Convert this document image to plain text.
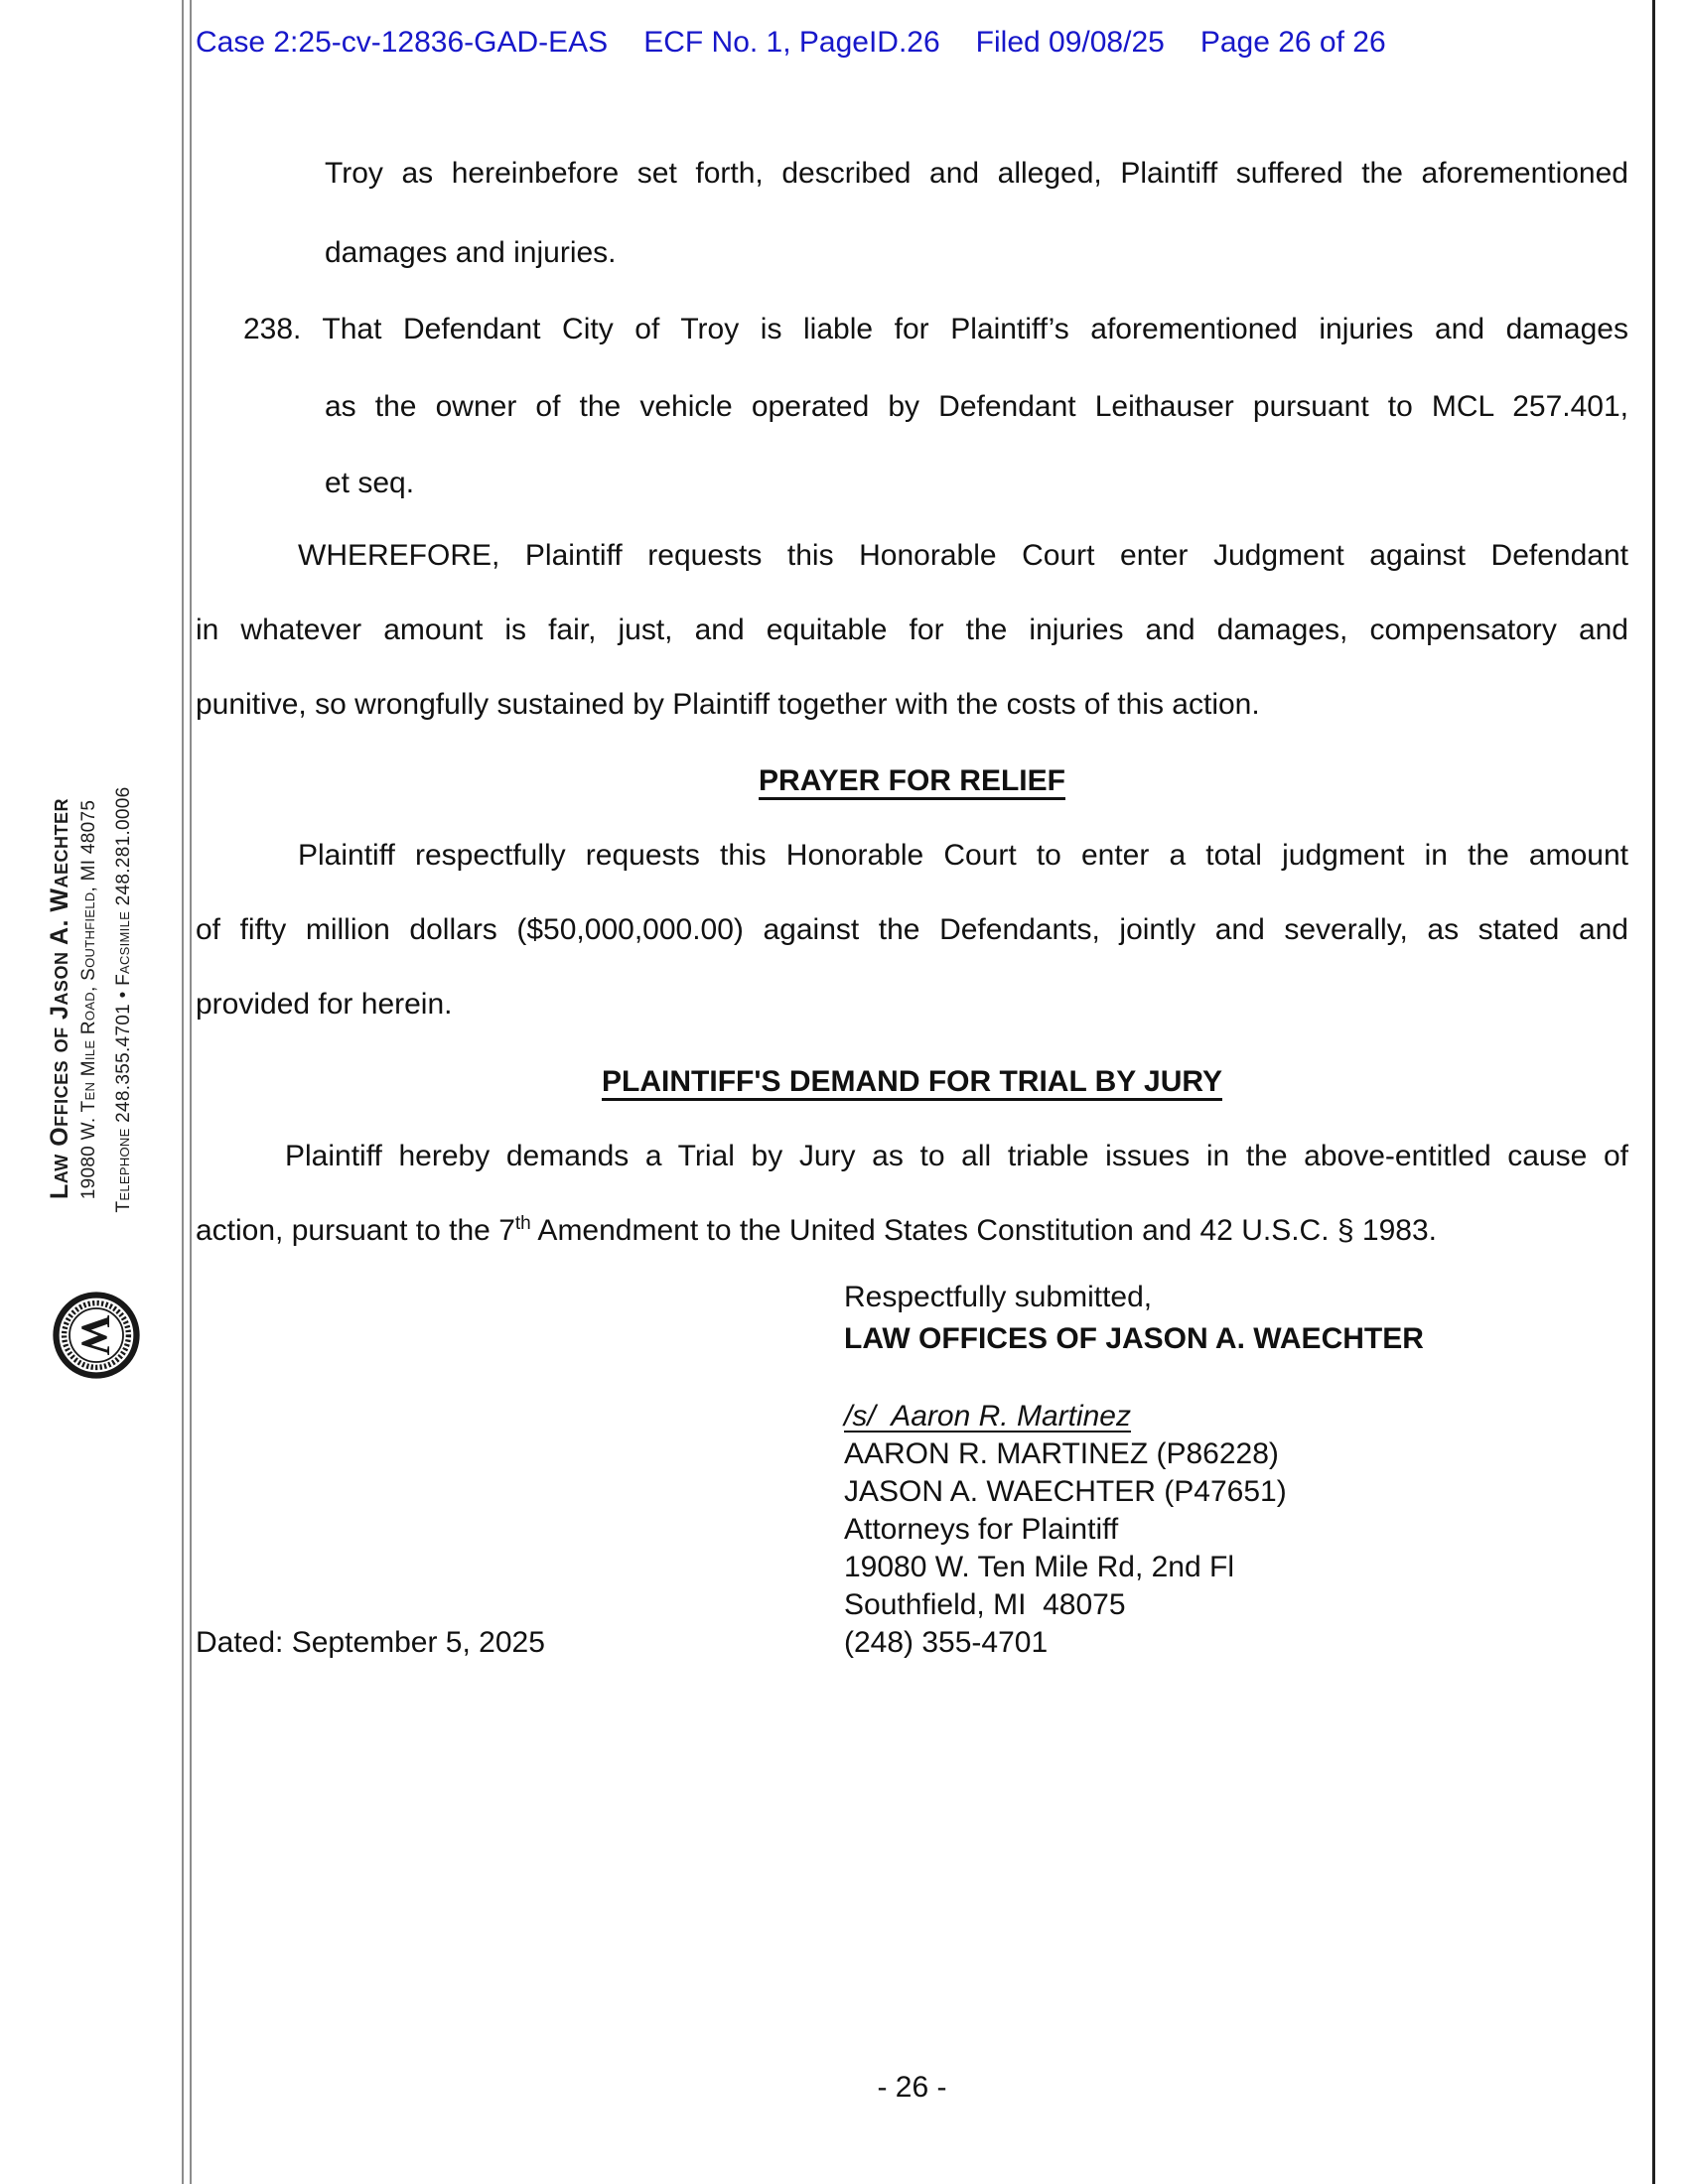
Case 2:25-cv-12836-GAD-EAS ECF No. 1, PageID.26 Filed 09/08/25 Page 26 of 26
Law Offices of Jason A. Waechter 19080 W. Ten Mile Road, Southfield, MI 48075 Telephone 248.355.4701 • Facsimile 248.281.0006
W
Troy as hereinbefore set forth, described and alleged, Plaintiff suffered the aforementioned
damages and injuries.
238. That Defendant City of Troy is liable for Plaintiff’s aforementioned injuries and damages
as the owner of the vehicle operated by Defendant Leithauser pursuant to MCL 257.401,
et seq.
WHEREFORE, Plaintiff requests this Honorable Court enter Judgment against Defendant
in whatever amount is fair, just, and equitable for the injuries and damages, compensatory and
punitive, so wrongfully sustained by Plaintiff together with the costs of this action.
PRAYER FOR RELIEF
Plaintiff respectfully requests this Honorable Court to enter a total judgment in the amount
of fifty million dollars ($50,000,000.00) against the Defendants, jointly and severally, as stated and
provided for herein.
PLAINTIFF'S DEMAND FOR TRIAL BY JURY
Plaintiff hereby demands a Trial by Jury as to all triable issues in the above-entitled cause of
action, pursuant to the 7th Amendment to the United States Constitution and 42 U.S.C. § 1983.
Respectfully submitted,
LAW OFFICES OF JASON A. WAECHTER
/s/  Aaron R. Martinez
AARON R. MARTINEZ (P86228)
JASON A. WAECHTER (P47651)
Attorneys for Plaintiff
19080 W. Ten Mile Rd, 2nd Fl
Southfield, MI  48075
(248) 355-4701
Dated: September 5, 2025
- 26 -
